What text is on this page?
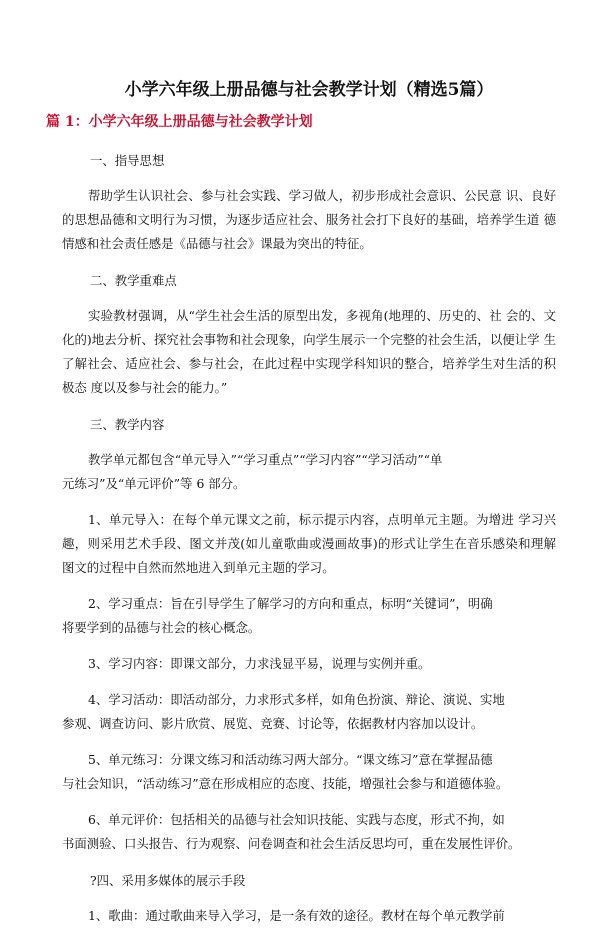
小学六年级上册品德与社会教学计划（精选5篇）
篇 1：小学六年级上册品德与社会教学计划

一、指导思想

帮助学生认识社会、参与社会实践、学习做人，初步形成社会意识、公民意 识、良好的思想品德和文明行为习惯，为逐步适应社会、服务社会打下良好的基础，培养学生道 德情感和社会责任感是《品德与社会》课最为突出的特征。

二、教学重难点

实验教材强调，从“学生社会生活的原型出发，多视角(地理的、历史的、社 会的、文化的)地去分析、探究社会事物和社会现象，向学生展示一个完整的社会生活，以便让学 生了解社会、适应社会、参与社会，在此过程中实现学科知识的整合，培养学生对生活的积极态 度以及参与社会的能力。”

三、教学内容

教学单元都包含“单元导入”“学习重点”“学习内容”“学习活动”“单
元练习”及“单元评价”等 6 部分。

1、单元导入：在每个单元课文之前，标示提示内容，点明单元主题。为增进 学习兴趣，则采用艺术手段、图文并茂(如儿童歌曲或漫画故事)的形式让学生在音乐感染和理解 图文的过程中自然而然地进入到单元主题的学习。

2、学习重点：旨在引导学生了解学习的方向和重点，标明“关键词”，明确
将要学到的品德与社会的核心概念。

3、学习内容：即课文部分，力求浅显平易，说理与实例并重。

4、学习活动：即活动部分，力求形式多样，如角色扮演、辩论、演说、实地
参观、调查访问、影片欣赏、展览、竞赛、讨论等，依据教材内容加以设计。

5、单元练习：分课文练习和活动练习两大部分。“课文练习”意在掌握品德
与社会知识，“活动练习”意在形成相应的态度、技能，增强社会参与和道德体验。

6、单元评价：包括相关的品德与社会知识技能、实践与态度，形式不拘，如
书面测验、口头报告、行为观察、问卷调查和社会生活反思均可，重在发展性评价。

?四、采用多媒体的展示手段

1、歌曲：通过歌曲来导入学习，是一条有效的途径。教材在每个单元教学前
